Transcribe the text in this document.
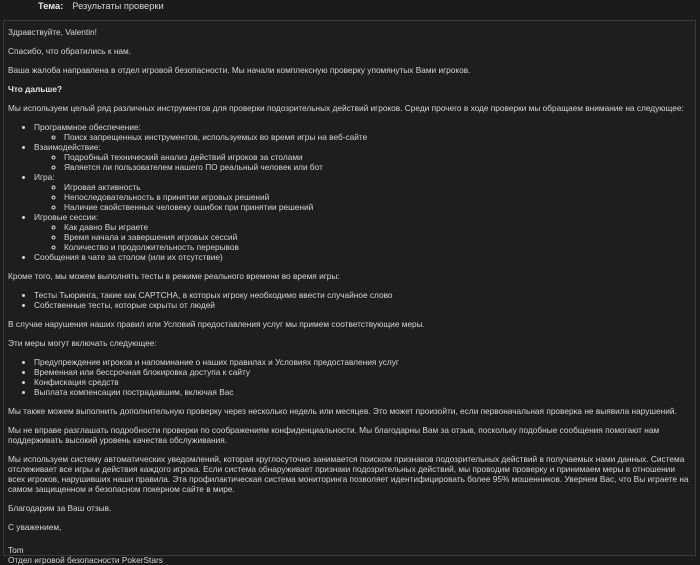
Тема: Результаты проверки

Здравствуйте, Valentin!

Спасибо, что обратились к нам.

Ваша жалоба направлена в отдел игровой безопасности. Мы начали комплексную проверку упомянутых Вами игроков.

Что дальше?

Мы используем целый ряд различных инструментов для проверки подозрительных действий игроков. Среди прочего в ходе проверки мы обращаем внимание на следующее:

• Программное обеспечение:
◦ Поиск запрещенных инструментов, используемых во время игры на веб-сайте
• Взаимодействие:
◦ Подробный технический анализ действий игроков за столами
◦ Является ли пользователем нашего ПО реальный человек или бот
• Игра:
◦ Игровая активность
◦ Непоследовательность в принятии игровых решений
◦ Наличие свойственных человеку ошибок при принятии решений
• Игровые сессии:
◦ Как давно Вы играете
◦ Время начала и завершения игровых сессий
◦ Количество и продолжительность перерывов
• Сообщения в чате за столом (или их отсутствие)

Кроме того, мы можем выполнять тесты в режиме реального времени во время игры:

• Тесты Тьюринга, такие как CAPTCHA, в которых игроку необходимо ввести случайное слово
• Собственные тесты, которые скрыты от людей

В случае нарушения наших правил или Условий предоставления услуг мы примем соответствующие меры.

Эти меры могут включать следующее:

• Предупреждение игроков и напоминание о наших правилах и Условиях предоставления услуг
• Временная или бессрочная блокировка доступа к сайту
• Конфискация средств
• Выплата компенсации пострадавшим, включая Вас

Мы также можем выполнить дополнительную проверку через несколько недель или месяцев. Это может произойти, если первоначальная проверка не выявила нарушений.

Мы не вправе разглашать подробности проверки по соображениям конфиденциальности. Мы благодарны Вам за отзыв, поскольку подобные сообщения помогают нам поддерживать высокий уровень качества обслуживания.

Мы используем систему автоматических уведомлений, которая круглосуточно занимается поиском признаков подозрительных действий в получаемых нами данных. Система отслеживает все игры и действия каждого игрока. Если система обнаруживает признаки подозрительных действий, мы проводим проверку и принимаем меры в отношении всех игроков, нарушивших наши правила. Эта профилактическая система мониторинга позволяет идентифицировать более 95% мошенников. Уверяем Вас, что Вы играете на самом защищенном и безопасном покерном сайте в мире.

Благодарим за Ваш отзыв.

С уважением,

Tom

Отдел игровой безопасности PokerStars
